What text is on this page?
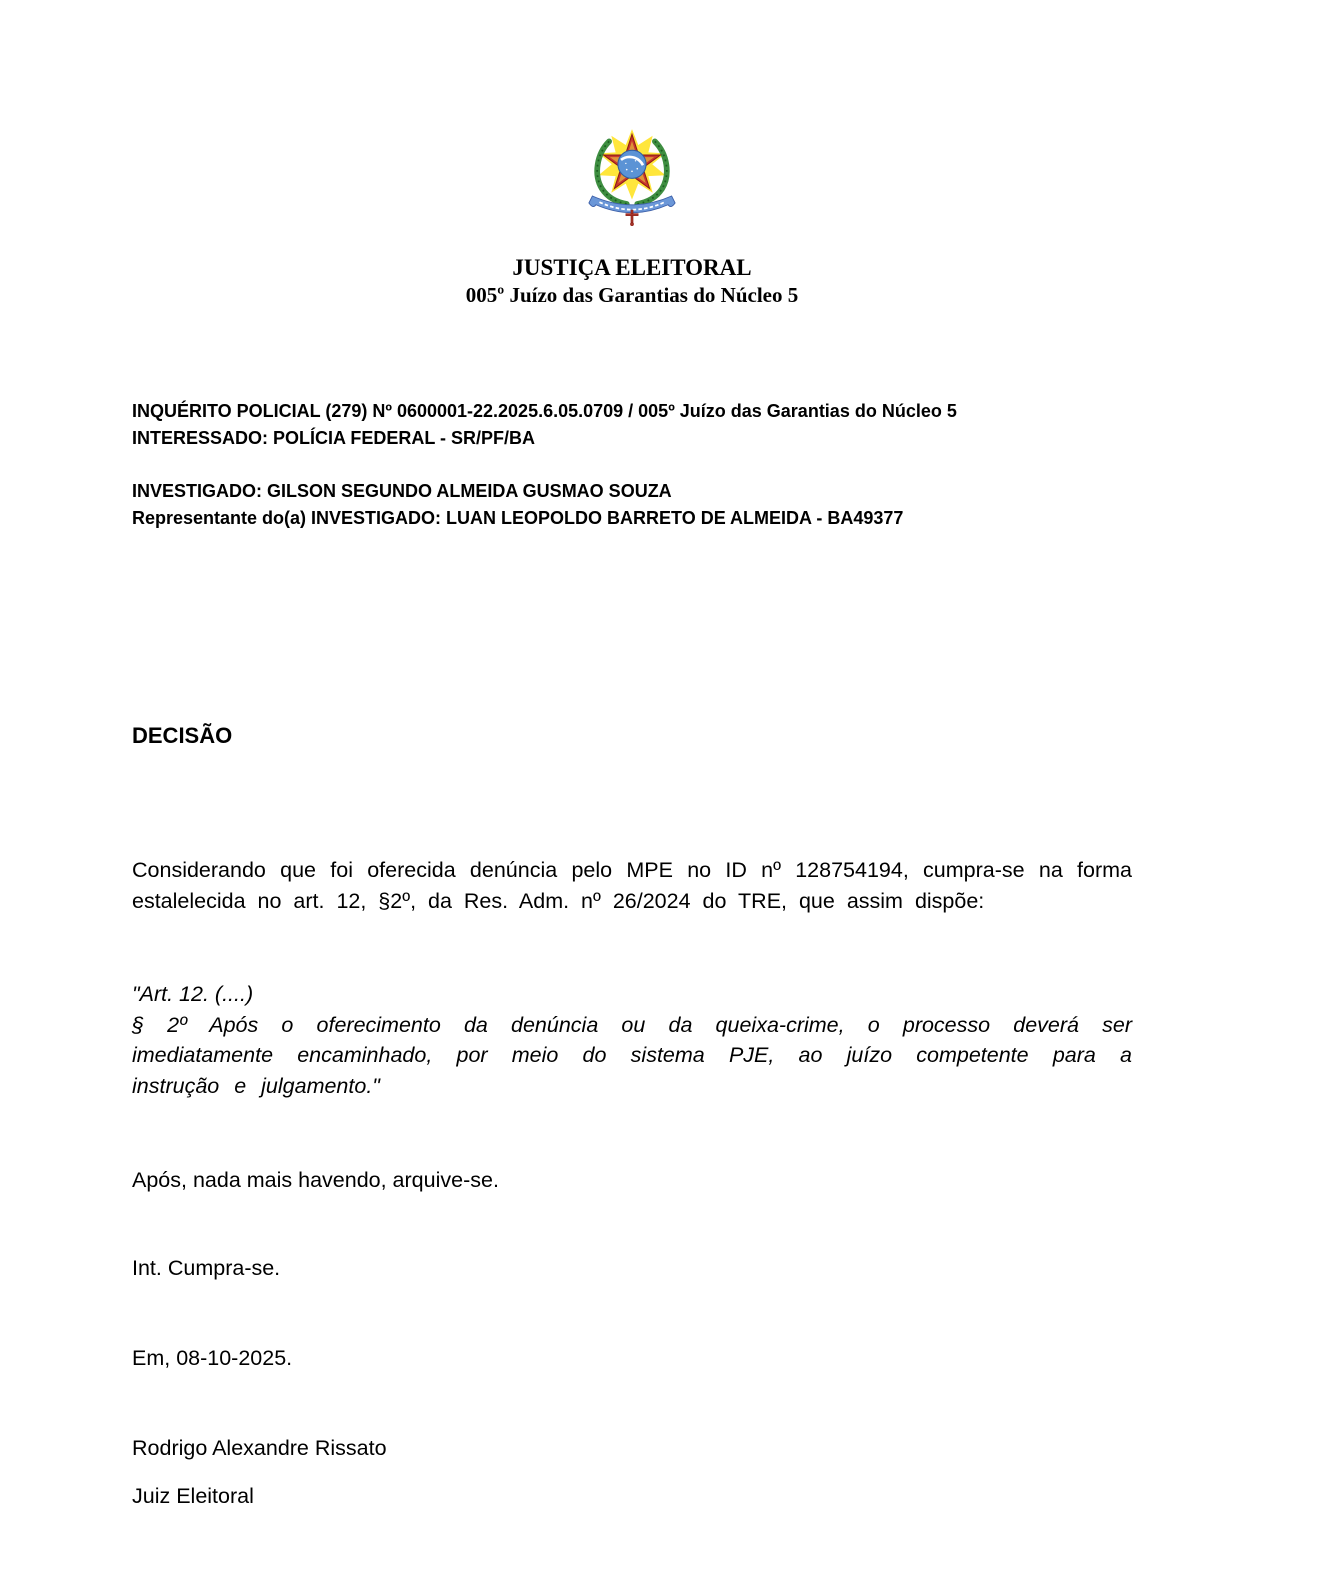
JUSTIÇA ELEITORAL
005º Juízo das Garantias do Núcleo 5

INQUÉRITO POLICIAL (279) Nº 0600001-22.2025.6.05.0709 / 005º Juízo das Garantias do Núcleo 5

INTERESSADO: POLÍCIA FEDERAL - SR/PF/BA

INVESTIGADO: GILSON SEGUNDO ALMEIDA GUSMAO SOUZA

Representante do(a) INVESTIGADO: LUAN LEOPOLDO BARRETO DE ALMEIDA - BA49377

DECISÃO
Considerando que foi oferecida denúncia pelo MPE no ID nº 128754194, cumpra-se na forma estalelecida no art. 12, §2º, da Res. Adm. nº 26/2024 do TRE, que assim dispõe:

"Art. 12. (....)

§ 2º Após o oferecimento da denúncia ou da queixa-crime, o processo deverá ser imediatamente encaminhado, por meio do sistema PJE, ao juízo competente para a instrução e julgamento."

Após, nada mais havendo, arquive-se.
Int. Cumpra-se.
Em, 08-10-2025.
Rodrigo Alexandre Rissato
Juiz Eleitoral
